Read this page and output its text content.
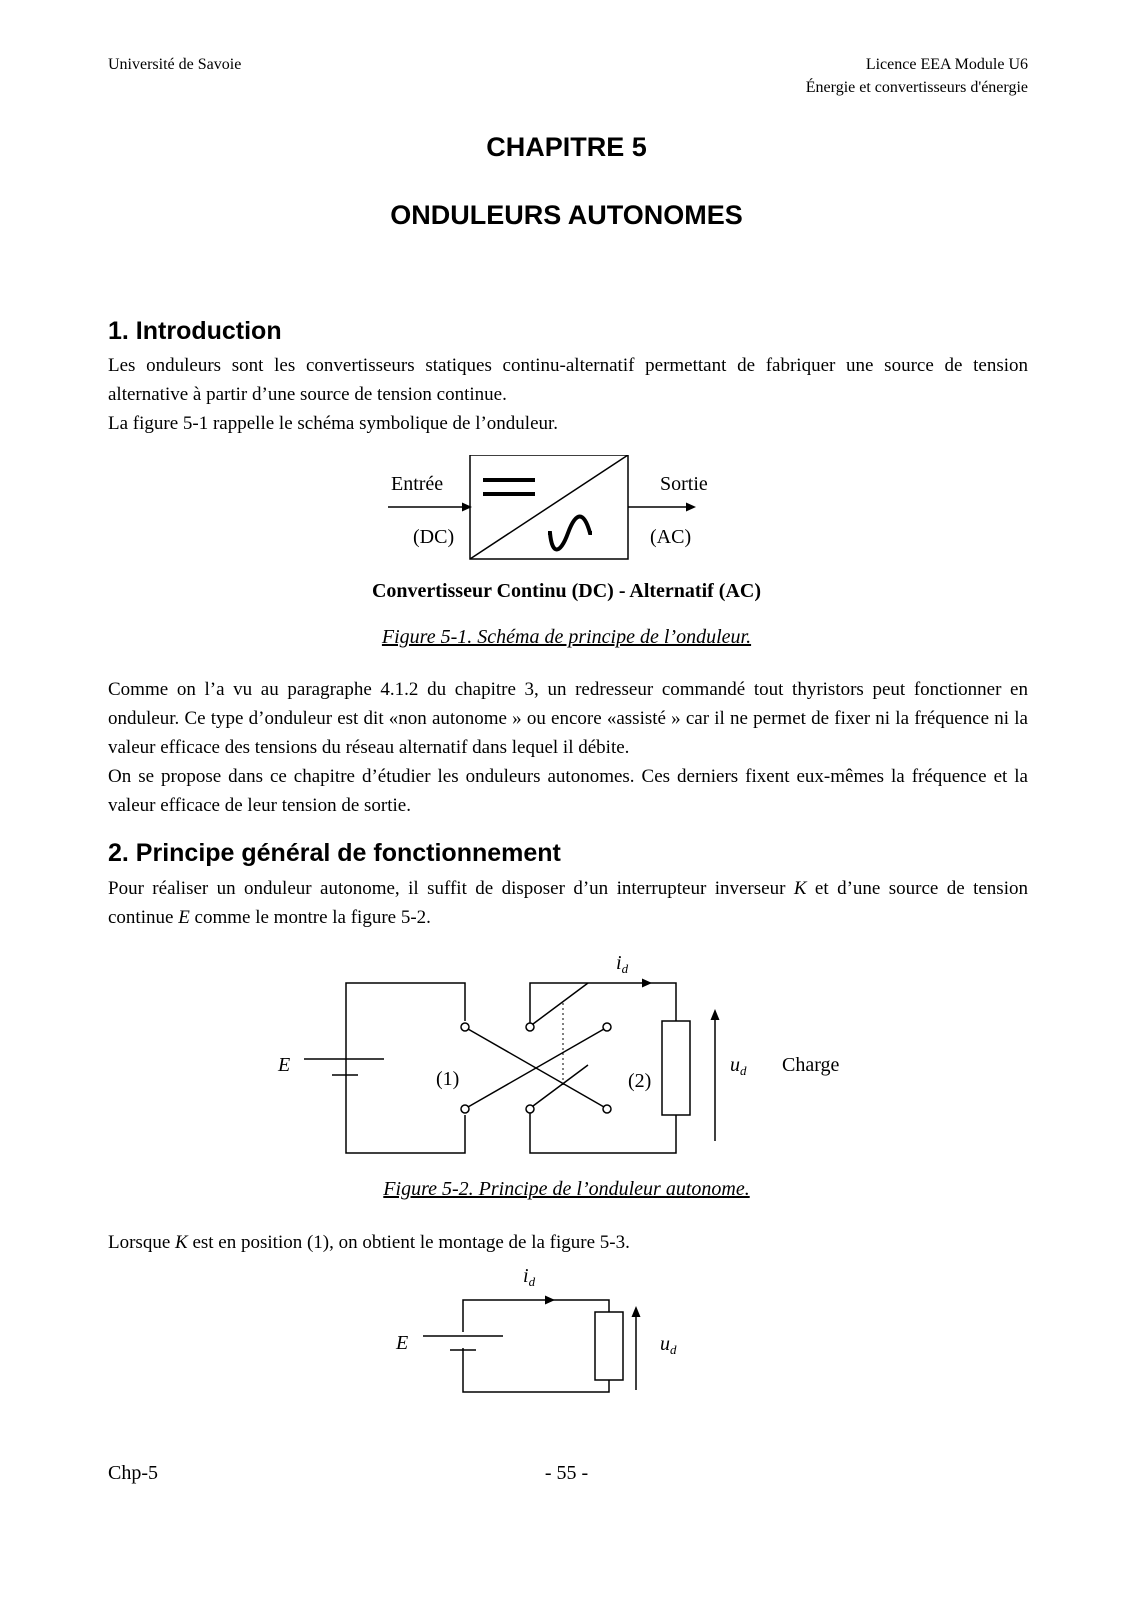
Université de Savoie	Licence EEA Module U6
Énergie et convertisseurs d'énergie
CHAPITRE 5
ONDULEURS AUTONOMES
1. Introduction

Les onduleurs sont les convertisseurs statiques continu-alternatif permettant de fabriquer une source de tension alternative à partir d’une source de tension continue.

La figure 5-1 rappelle le schéma symbolique de l’onduleur.

Entrée
(DC)
Sortie
(AC)
Convertisseur Continu (DC) - Alternatif (AC)
Figure 5-1. Schéma de principe de l’onduleur.

Comme on l’a vu au paragraphe 4.1.2 du chapitre 3, un redresseur commandé tout thyristors peut fonctionner en onduleur. Ce type d’onduleur est dit «non autonome » ou encore «assisté » car il ne permet de fixer ni la fréquence ni la valeur efficace des tensions du réseau alternatif dans lequel il débite.

On se propose dans ce chapitre d’étudier les onduleurs autonomes. Ces derniers fixent eux-mêmes la fréquence et la valeur efficace de leur tension de sortie.

2. Principe général de fonctionnement

Pour réaliser un onduleur autonome, il suffit de disposer d’un interrupteur inverseur K et d’une source de tension continue E comme le montre la figure 5-2.

E
(1)
$i_d$
(2)
$u_d$ Charge
Figure 5-2. Principe de l’onduleur autonome.

Lorsque K est en position (1), on obtient le montage de la figure 5-3.

E
$i_d$
$u_d$
Chp-5	- 55 -
